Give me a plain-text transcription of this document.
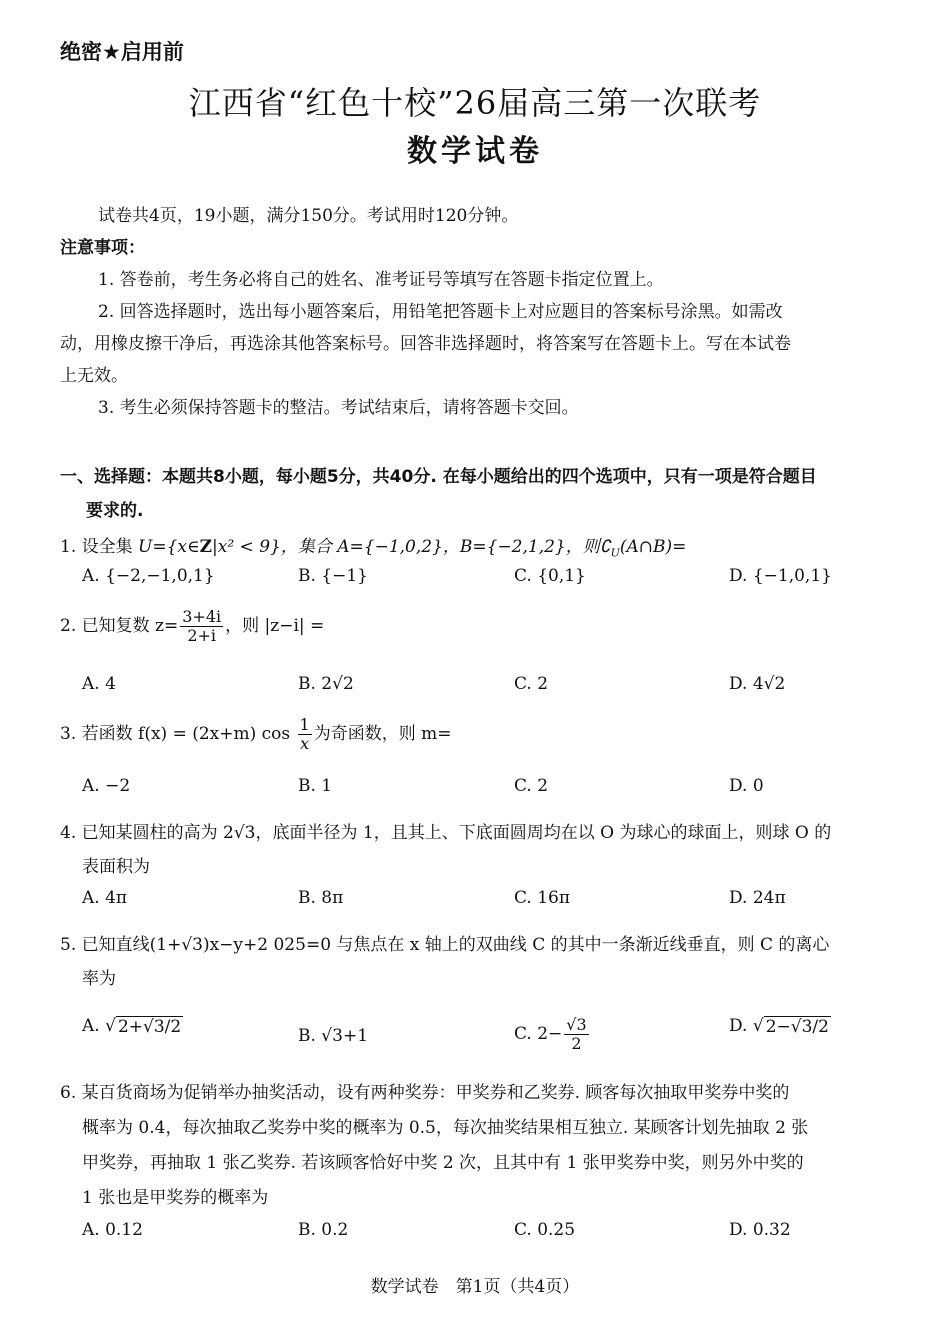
绝密★启用前
江西省“红色十校”26届高三第一次联考
数学试卷
试卷共4页，19小题，满分150分。考试用时120分钟。
注意事项：
1. 答卷前，考生务必将自己的姓名、准考证号等填写在答题卡指定位置上。
2. 回答选择题时，选出每小题答案后，用铅笔把答题卡上对应题目的答案标号涂黑。如需改
动，用橡皮擦干净后，再选涂其他答案标号。回答非选择题时，将答案写在答题卡上。写在本试卷
上无效。
3. 考生必须保持答题卡的整洁。考试结束后，请将答题卡交回。
一、选择题：本题共8小题，每小题5分，共40分. 在每小题给出的四个选项中，只有一项是符合题目
要求的.
1. 设全集 U={x∈Z|x² < 9}，集合 A={−1,0,2}，B={−2,1,2}，则$∁_U(A\cap B)=$
A. {−2,−1,0,1}	B. {−1}	C. {0,1}	D. {−1,0,1}
2. 已知复数 $z= \frac{3+4i}{2+i}$ ，则 |z−i| =
A. 4	B. 2√2	C. 2	D. 4√2
3. 若函数 f(x) = (2x+m) $\cos \frac{1}{x}$ 为奇函数，则 m=
A. −2	B. 1	C. 2	D. 0
4. 已知某圆柱的高为 2√3，底面半径为 1，且其上、下底面圆周均在以 O 为球心的球面上，则球 O 的
表面积为
A. 4π	B. 8π	C. 16π	D. 24π
5. 已知直线(1+√3)x−y+2 025=0 与焦点在 x 轴上的双曲线 C 的其中一条渐近线垂直，则 C 的离心
率为
A. √ 2+√3/2	B. √3+1	C. $2- \frac{√3}{2}$	D. √ 2−√3/2
6. 某百货商场为促销举办抽奖活动，设有两种奖券：甲奖券和乙奖券. 顾客每次抽取甲奖券中奖的
概率为 0.4，每次抽取乙奖券中奖的概率为 0.5，每次抽奖结果相互独立. 某顾客计划先抽取 2 张
甲奖券，再抽取 1 张乙奖券. 若该顾客恰好中奖 2 次，且其中有 1 张甲奖券中奖，则另外中奖的
1 张也是甲奖券的概率为
A. 0.12	B. 0.2	C. 0.25	D. 0.32
数学试卷　第1页（共4页）
